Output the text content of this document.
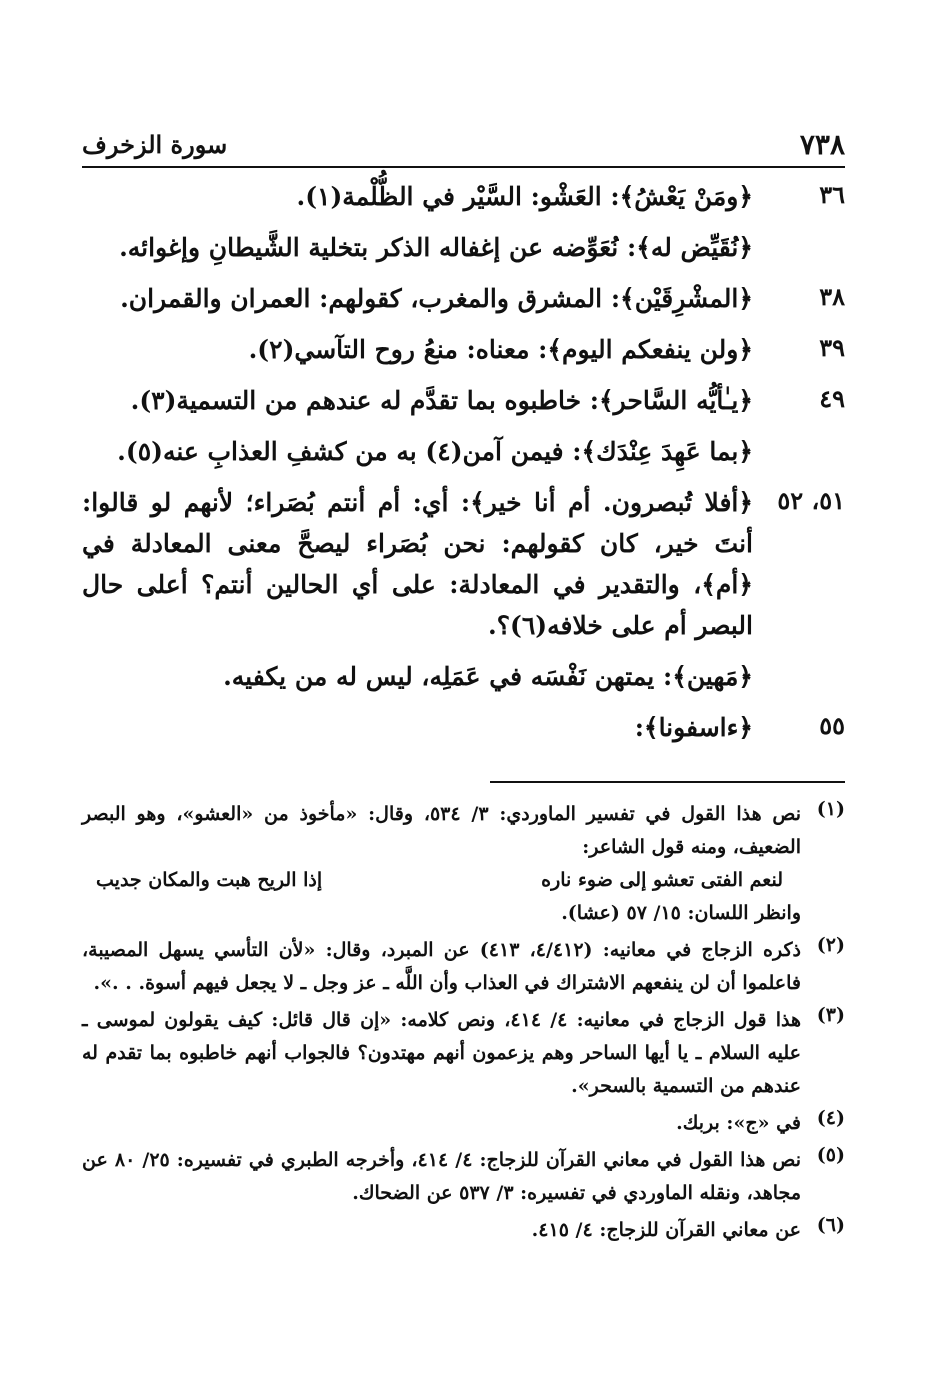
٧٣٨
سورة الزخرف
٣٦
﴿ومَنْ يَعْشُ﴾: العَشْو: السَّيْر في الظُّلْمة(١).
﴿نُقَيِّض له﴾: نُعَوِّضه عن إغفاله الذكر بتخلية الشَّيطانِ وإغوائه.
٣٨
﴿المشْرِقَيْن﴾: المشرق والمغرب، كقولهم: العمران والقمران.
٣٩
﴿ولن ينفعكم اليوم﴾: معناه: منعُ روح التآسي(٢).
٤٩
﴿يـٰأيُّه السَّاحر﴾: خاطبوه بما تقدَّم له عندهم من التسمية(٣).
﴿بما عَهِدَ عِنْدَك﴾: فيمن آمن(٤) به من كشفِ العذابِ عنه(٥).
٥١، ٥٢
﴿أفلا تُبصرون. أم أنا خير﴾: أي: أم أنتم بُصَراء؛ لأنهم لو قالوا: أنتَ خير، كان كقولهم: نحن بُصَراء ليصحَّ معنى المعادلة في ﴿أم﴾، والتقدير في المعادلة: على أي الحالين أنتم؟ أعلى حال البصر أم على خلافه(٦)؟.
﴿مَهين﴾: يمتهن نَفْسَه في عَمَلِه، ليس له من يكفيه.
٥٥
﴿ءاسفونا﴾:
(١)
نص هذا القول في تفسير الماوردي: ٣/ ٥٣٤، وقال: «مأخوذ من «العشو»، وهو البصر الضعيف، ومنه قول الشاعر:
لنعم الفتى تعشو إلى ضوء ناره
إذا الريح هبت والمكان جديب
وانظر اللسان: ١٥/ ٥٧ (عشا).
(٢)
ذكره الزجاج في معانيه: (٤/٤١٢، ٤١٣) عن المبرد، وقال: «لأن التأسي يسهل المصيبة، فاعلموا أن لن ينفعهم الاشتراك في العذاب وأن اللَّه ـ عز وجل ـ لا يجعل فيهم أسوة. . .».
(٣)
هذا قول الزجاج في معانيه: ٤/ ٤١٤، ونص كلامه: «إن قال قائل: كيف يقولون لموسى ـ عليه السلام ـ يا أيها الساحر وهم يزعمون أنهم مهتدون؟ فالجواب أنهم خاطبوه بما تقدم له عندهم من التسمية بالسحر».
(٤)
في «ج»: بربك.
(٥)
نص هذا القول في معاني القرآن للزجاج: ٤/ ٤١٤، وأخرجه الطبري في تفسيره: ٢٥/ ٨٠ عن مجاهد، ونقله الماوردي في تفسيره: ٣/ ٥٣٧ عن الضحاك.
(٦)
عن معاني القرآن للزجاج: ٤/ ٤١٥.
